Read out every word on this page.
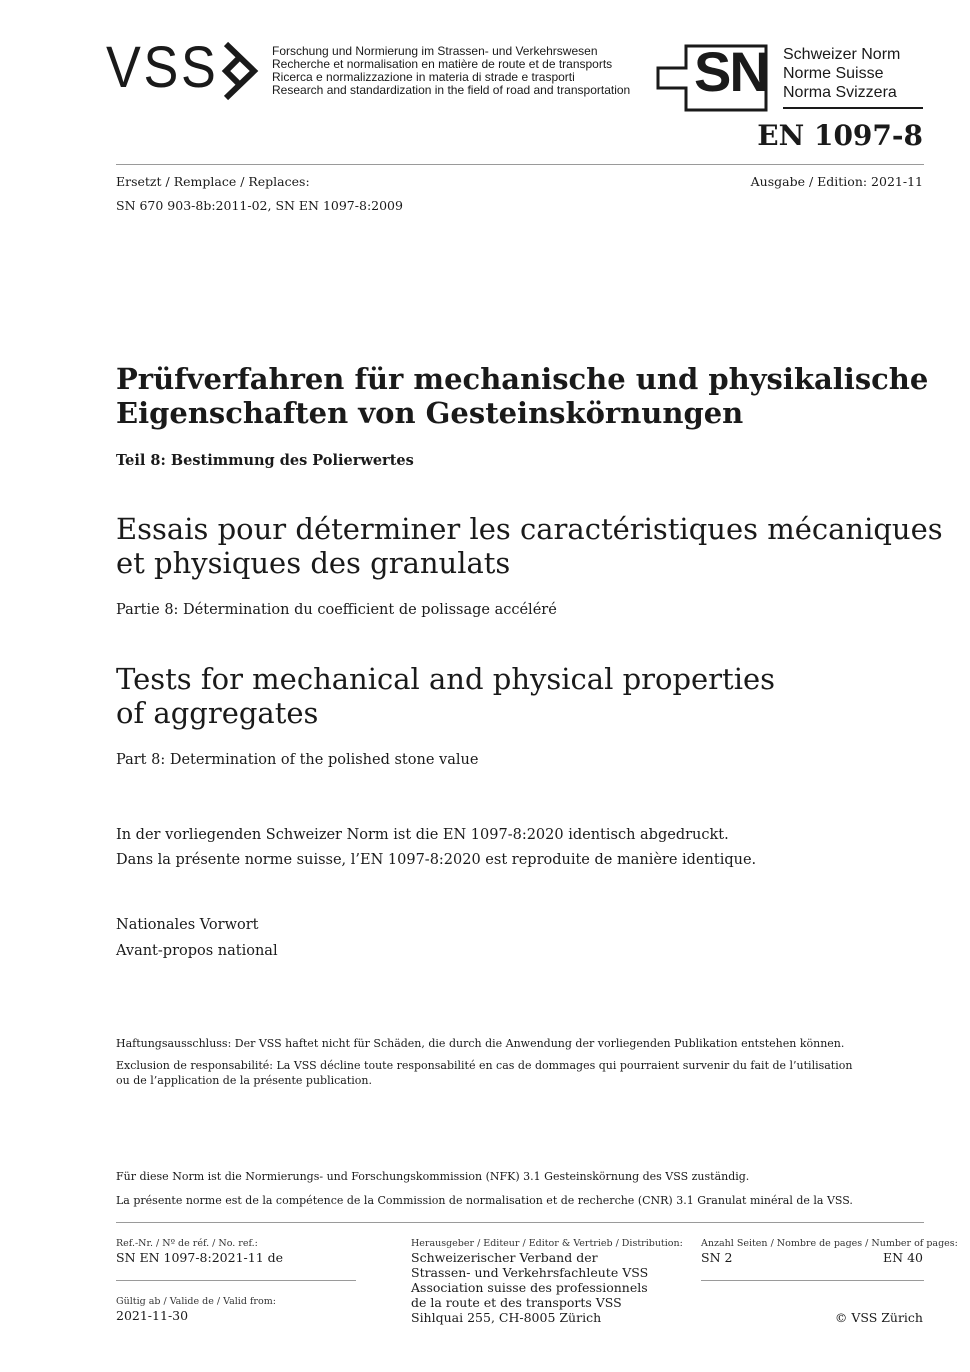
VSS	Forschung und Normierung im Strassen- und Verkehrswesen
Recherche et normalisation en matière de route et de transports
Ricerca e normalizzazione in materia di strade e trasporti
Research and standardization in the field of road and transportation SN Schweizer Norm
Norme Suisse
Norma Svizzera
EN 1097-8
Ersetzt / Remplace / Replaces:	Ausgabe / Edition: 2021-11
SN 670 903-8b:2011-02, SN EN 1097-8:2009
Prüfverfahren für mechanische und physikalische
Eigenschaften von Gesteinskörnungen
Teil 8: Bestimmung des Polierwertes
Essais pour déterminer les caractéristiques mécaniques
et physiques des granulats
Partie 8: Détermination du coefficient de polissage accéléré
Tests for mechanical and physical properties
of aggregates
Part 8: Determination of the polished stone value
In der vorliegenden Schweizer Norm ist die EN 1097-8:2020 identisch abgedruckt.
Dans la présente norme suisse, l’EN 1097-8:2020 est reproduite de manière identique.
Nationales Vorwort
Avant-propos national
Haftungsausschluss: Der VSS haftet nicht für Schäden, die durch die Anwendung der vorliegenden Publikation entstehen können.
Exclusion de responsabilité: La VSS décline toute responsabilité en cas de dommages qui pourraient survenir du fait de l’utilisation
ou de l’application de la présente publication.
Für diese Norm ist die Normierungs- und Forschungskommission (NFK) 3.1 Gesteinskörnung des VSS zuständig.
La présente norme est de la compétence de la Commission de normalisation et de recherche (CNR) 3.1 Granulat minéral de la VSS.
Ref.-Nr. / Nº de réf. / No. ref.:
SN EN 1097-8:2021-11 de
Gültig ab / Valide de / Valid from:
2021-11-30
Herausgeber / Editeur / Editor & Vertrieb / Distribution:
Schweizerischer Verband der
Strassen- und Verkehrsfachleute VSS
Association suisse des professionnels
de la route et des transports VSS
Sihlquai 255, CH-8005 Zürich
Anzahl Seiten / Nombre de pages / Number of pages:
SN 2	EN 40
© VSS Zürich
